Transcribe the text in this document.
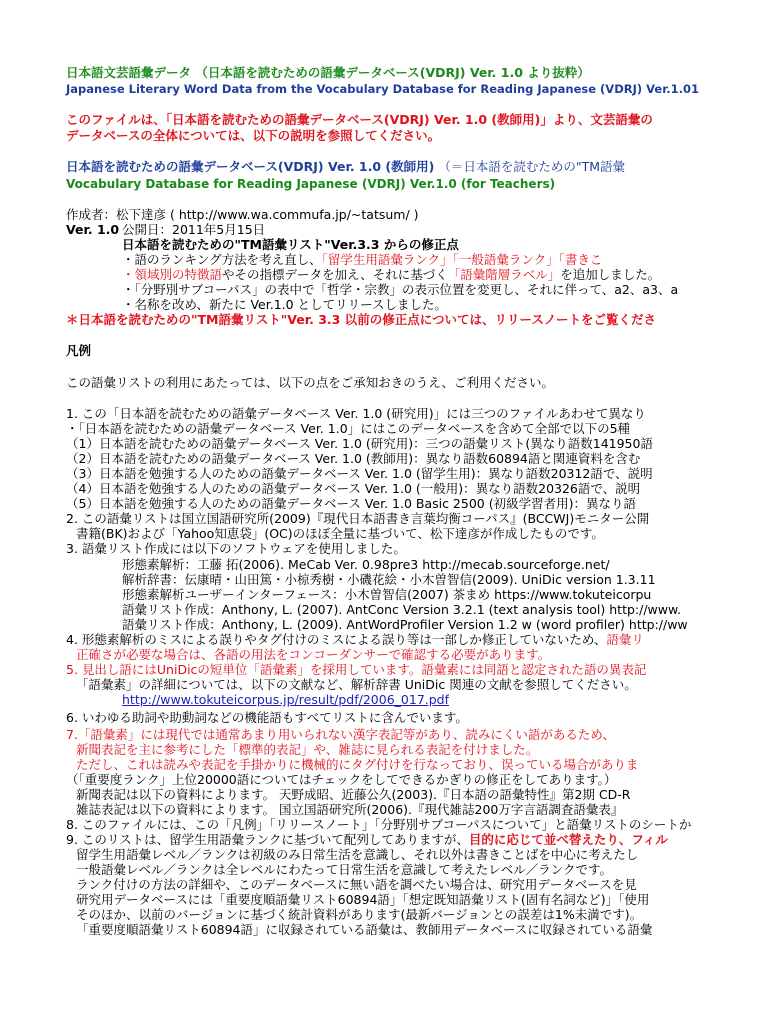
日本語文芸語彙データ （日本語を読むための語彙データベース(VDRJ) Ver. 1.0 より抜粋）
Japanese Literary Word Data from the Vocabulary Database for Reading Japanese (VDRJ) Ver.1.01
このファイルは、「日本語を読むための語彙データベース(VDRJ) Ver. 1.0 (教師用)」より、文芸語彙の
データベースの全体については、以下の説明を参照してください。
日本語を読むための語彙データベース(VDRJ) Ver. 1.0 (教師用) （＝日本語を読むための"TM語彙
Vocabulary Database for Reading Japanese (VDRJ) Ver.1.0 (for Teachers)
作成者：松下達彦 ( http://www.wa.commufa.jp/~tatsum/ )
Ver. 1.0 公開日：2011年5月15日
日本語を読むための"TM語彙リスト"Ver.3.3 からの修正点
・語のランキング方法を考え直し、「留学生用語彙ランク」「一般語彙ランク」「書きこ
・領域別の特徴語やその指標データを加え、それに基づく「語彙階層ラベル」を追加しました。
・「分野別サブコーパス」の表中で「哲学・宗教」の表示位置を変更し、それに伴って、a2、a3、a
・名称を改め、新たに Ver.1.0 としてリリースしました。
＊日本語を読むための"TM語彙リスト"Ver. 3.3 以前の修正点については、リリースノートをご覧くださ
凡例
この語彙リストの利用にあたっては、以下の点をご承知おきのうえ、ご利用ください。
1. この「日本語を読むための語彙データベース Ver. 1.0 (研究用)」には三つのファイルあわせて異なり
・「日本語を読むための語彙データベース Ver. 1.0」にはこのデータベースを含めて全部で以下の5種
（1）日本語を読むための語彙データベース Ver. 1.0 (研究用)：三つの語彙リスト(異なり語数141950語
（2）日本語を読むための語彙データベース Ver. 1.0 (教師用)：異なり語数60894語と関連資料を含む
（3）日本語を勉強する人のための語彙データベース Ver. 1.0 (留学生用)：異なり語数20312語で、説明
（4）日本語を勉強する人のための語彙データベース Ver. 1.0 (一般用)：異なり語数20326語で、説明
（5）日本語を勉強する人のための語彙データベース Ver. 1.0 Basic 2500 (初級学習者用)：異なり語
2. この語彙リストは国立国語研究所(2009)『現代日本語書き言葉均衡コーパス』(BCCWJ)モニター公開
書籍(BK)および「Yahoo知恵袋」(OC)のほぼ全量に基づいて、松下達彦が作成したものです。
3. 語彙リスト作成には以下のソフトウェアを使用しました。
形態素解析：工藤 拓(2006). MeCab Ver. 0.98pre3 http://mecab.sourceforge.net/
解析辞書：伝康晴・山田篤・小椋秀樹・小磯花絵・小木曽智信(2009). UniDic version 1.3.11
形態素解析ユーザーインターフェース：小木曽智信(2007) 茶まめ https://www.tokuteicorpu
語彙リスト作成：Anthony, L. (2007). AntConc Version 3.2.1 (text analysis tool) http://www.
語彙リスト作成：Anthony, L. (2009). AntWordProfiler Version 1.2 w (word profiler) http://ww
4. 形態素解析のミスによる誤りやタグ付けのミスによる誤り等は一部しか修正していないため、語彙リ
正確さが必要な場合は、各語の用法をコンコーダンサーで確認する必要があります。
5. 見出し語にはUniDicの短単位「語彙素」を採用しています。語彙素には同語と認定された語の異表記
「語彙素」の詳細については、以下の文献など、解析辞書 UniDic 関連の文献を参照してください。
http://www.tokuteicorpus.jp/result/pdf/2006_017.pdf
6. いわゆる助詞や助動詞などの機能語もすべてリストに含んでいます。
7.「語彙素」には現代では通常あまり用いられない漢字表記等があり、読みにくい語があるため、
新聞表記を主に参考にした「標準的表記」や、雑誌に見られる表記を付けました。
ただし、これは読みや表記を手掛かりに機械的にタグ付けを行なっており、误っている場合がありま
（「重要度ランク」上位20000語についてはチェックをしてできるかぎりの修正をしてあります。）
新聞表記は以下の資料によります。 天野成昭、近藤公久(2003).『日本語の語彙特性』第2期 CD-R
雑誌表記は以下の資料によります。 国立国語研究所(2006).『現代雑誌200万字言語調査語彙表』
8. このファイルには、この「凡例」「リリースノート」「分野別サブコーパスについて」と語彙リストのシートか
9. このリストは、留学生用語彙ランクに基づいて配列してありますが、目的に応じて並べ替えたり、フィル
留学生用語彙レベル／ランクは初級のみ日常生活を意識し、それ以外は書きことばを中心に考えたし
一般語彙レベル／ランクは全レベルにわたって日常生活を意識して考えたレベル／ランクです。
ランク付けの方法の詳細や、このデータベースに無い語を調べたい場合は、研究用データベースを見
研究用データベースには「重要度順語彙リスト60894語」「想定既知語彙リスト(固有名詞など)」「使用
そのほか、以前のバージョンに基づく統計資料があります(最新バージョンとの誤差は1%未満です)。
「重要度順語彙リスト60894語」に収録されている語彙は、教師用データベースに収録されている語彙
